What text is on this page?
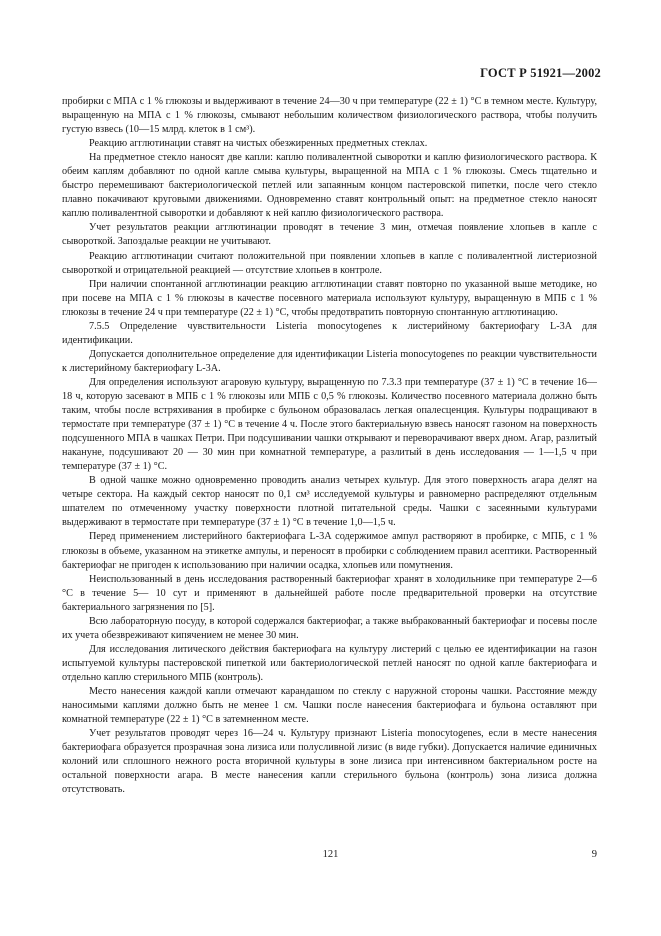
ГОСТ Р 51921—2002

пробирки с МПА с 1 % глюкозы и выдерживают в течение 24—30 ч при температуре (22 ± 1) °С в темном месте. Культуру, выращенную на МПА с 1 % глюкозы, смывают небольшим количеством физиологического раствора, чтобы получить густую взвесь (10—15 млрд. клеток в 1 см³).

Реакцию агглютинации ставят на чистых обезжиренных предметных стеклах.

На предметное стекло наносят две капли: каплю поливалентной сыворотки и каплю физиологического раствора. К обеим каплям добавляют по одной капле смыва культуры, выращенной на МПА с 1 % глюкозы. Смесь тщательно и быстро перемешивают бактериологической петлей или запаянным концом пастеровской пипетки, после чего стекло плавно покачивают круговыми движениями. Одновременно ставят контрольный опыт: на предметное стекло наносят каплю поливалентной сыворотки и добавляют к ней каплю физиологического раствора.

Учет результатов реакции агглютинации проводят в течение 3 мин, отмечая появление хлопьев в капле с сывороткой. Запоздалые реакции не учитывают.

Реакцию агглютинации считают положительной при появлении хлопьев в капле с поливалентной листериозной сывороткой и отрицательной реакцией — отсутствие хлопьев в контроле.

При наличии спонтанной агглютинации реакцию агглютинации ставят повторно по указанной выше методике, но при посеве на МПА с 1 % глюкозы в качестве посевного материала используют культуру, выращенную в МПБ с 1 % глюкозы в течение 24 ч при температуре (22 ± 1) °С, чтобы предотвратить повторную спонтанную агглютинацию.

7.5.5 Определение чувствительности Listeria monocytogenes к листерийному бактериофагу L-3A для идентификации.

Допускается дополнительное определение для идентификации Listeria monocytogenes по реакции чувствительности к листерийному бактериофагу L-3A.

Для определения используют агаровую культуру, выращенную по 7.3.3 при температуре (37 ± 1) °С в течение 16—18 ч, которую засевают в МПБ с 1 % глюкозы или МПБ с 0,5 % глюкозы. Количество посевного материала должно быть таким, чтобы после встряхивания в пробирке с бульоном образовалась легкая опалесценция. Культуры подращивают в термостате при температуре (37 ± 1) °С в течение 4 ч. После этого бактериальную взвесь наносят газоном на поверхность подсушенного МПА в чашках Петри. При подсушивании чашки открывают и переворачивают вверх дном. Агар, разлитый накануне, подсушивают 20 — 30 мин при комнатной температуре, а разлитый в день исследования — 1—1,5 ч при температуре (37 ± 1) °С.

В одной чашке можно одновременно проводить анализ четырех культур. Для этого поверхность агара делят на четыре сектора. На каждый сектор наносят по 0,1 см³ исследуемой культуры и равномерно распределяют отдельным шпателем по отмеченному участку поверхности плотной питательной среды. Чашки с засеянными культурами выдерживают в термостате при температуре (37 ± 1) °С в течение 1,0—1,5 ч.

Перед применением листерийного бактериофага L-3A содержимое ампул растворяют в пробирке, с МПБ, с 1 % глюкозы в объеме, указанном на этикетке ампулы, и переносят в пробирки с соблюдением правил асептики. Растворенный бактериофаг не пригоден к использованию при наличии осадка, хлопьев или помутнения.

Неиспользованный в день исследования растворенный бактериофаг хранят в холодильнике при температуре 2—6 °С в течение 5— 10 сут и применяют в дальнейшей работе после предварительной проверки на отсутствие бактериального загрязнения по [5].

Всю лабораторную посуду, в которой содержался бактериофаг, а также выбракованный бактериофаг и посевы после их учета обезвреживают кипячением не менее 30 мин.

Для исследования литического действия бактериофага на культуру листерий с целью ее идентификации на газон испытуемой культуры пастеровской пипеткой или бактериологической петлей наносят по одной капле бактериофага и отдельно каплю стерильного МПБ (контроль).

Место нанесения каждой капли отмечают карандашом по стеклу с наружной стороны чашки. Расстояние между наносимыми каплями должно быть не менее 1 см. Чашки после нанесения бактериофага и бульона оставляют при комнатной температуре (22 ± 1) °С в затемненном месте.

Учет результатов проводят через 16—24 ч. Культуру признают Listeria monocytogenes, если в месте нанесения бактериофага образуется прозрачная зона лизиса или полусливной лизис (в виде губки). Допускается наличие единичных колоний или сплошного нежного роста вторичной культуры в зоне лизиса при интенсивном бактериальном росте на остальной поверхности агара. В месте нанесения капли стерильного бульона (контроль) зона лизиса должна отсутствовать.

121	9
